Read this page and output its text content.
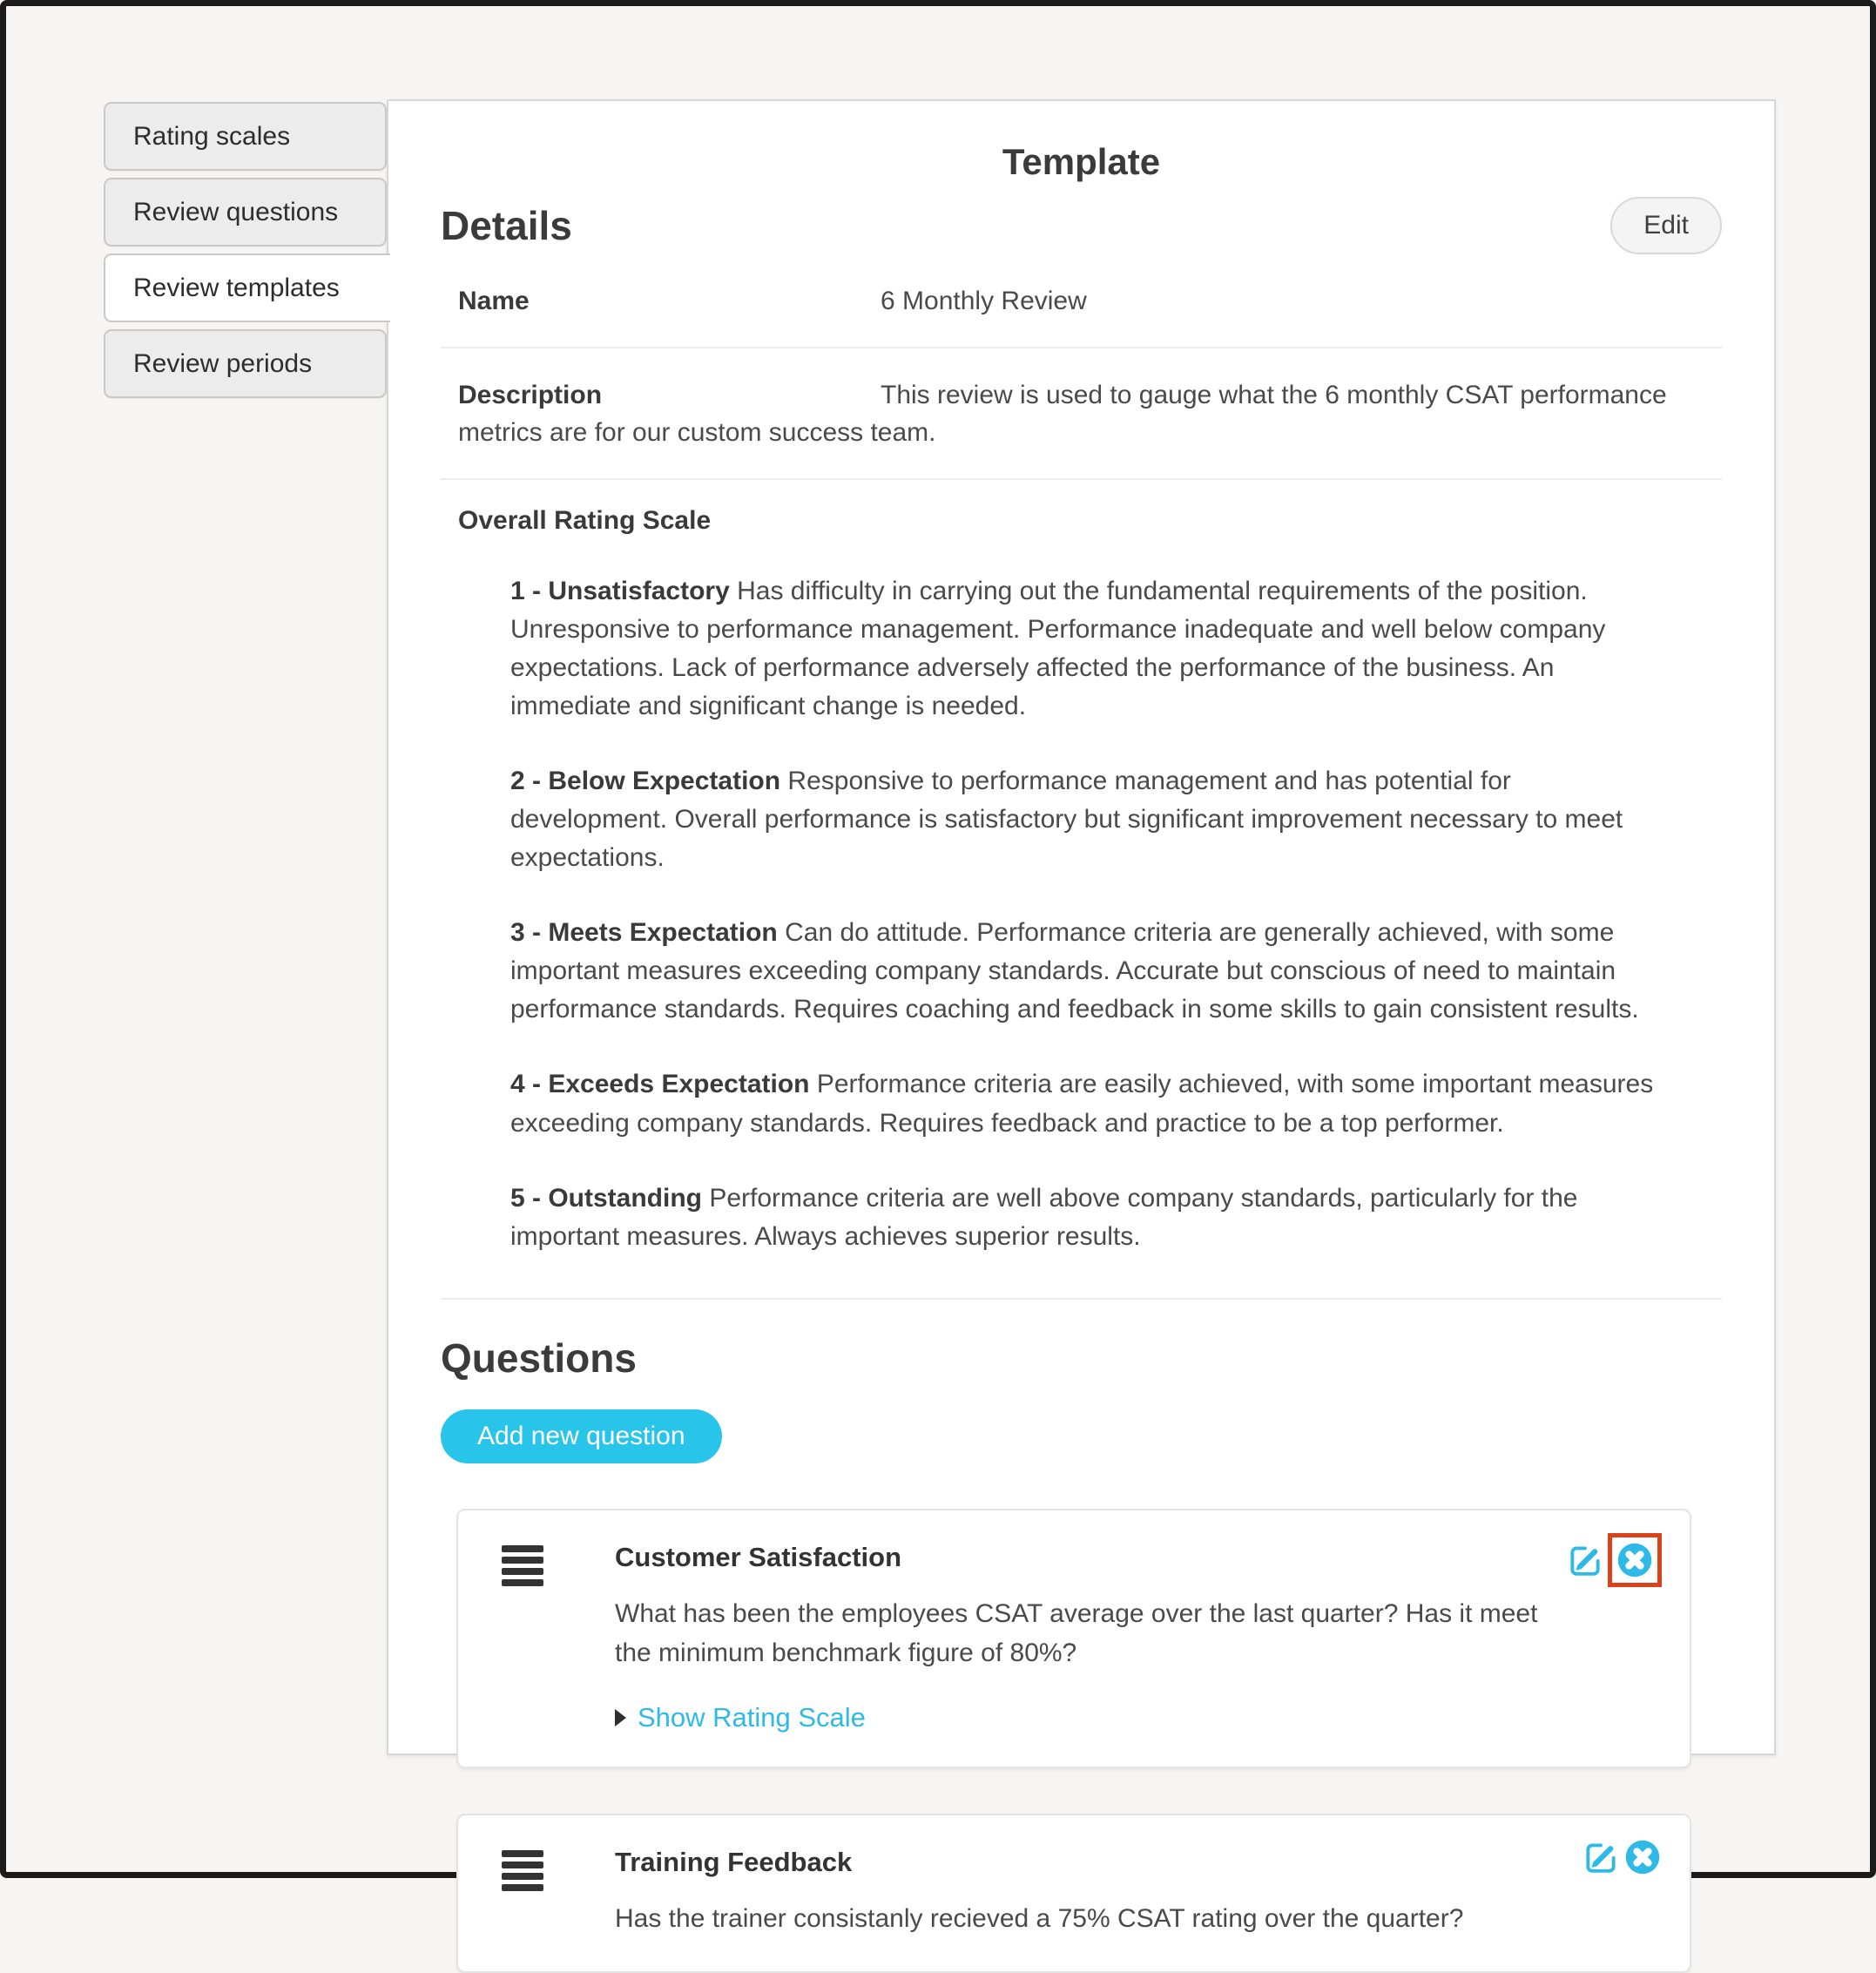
Rating scales
Review questions
Review templates
Review periods
Template
Details	Edit
Name	6 Monthly Review
Description	This review is used to gauge what the 6 monthly CSAT performance metrics are for our custom success team.
Overall Rating Scale

1 - Unsatisfactory Has difficulty in carrying out the fundamental requirements of the position. Unresponsive to performance management. Performance inadequate and well below company expectations. Lack of performance adversely affected the performance of the business. An immediate and significant change is needed.

2 - Below Expectation Responsive to performance management and has potential for development. Overall performance is satisfactory but significant improvement necessary to meet expectations.

3 - Meets Expectation Can do attitude. Performance criteria are generally achieved, with some important measures exceeding company standards. Accurate but conscious of need to maintain performance standards. Requires coaching and feedback in some skills to gain consistent results.

4 - Exceeds Expectation Performance criteria are easily achieved, with some important measures exceeding company standards. Requires feedback and practice to be a top performer.

5 - Outstanding Performance criteria are well above company standards, particularly for the important measures. Always achieves superior results.

Questions
Add new question
Customer Satisfaction
What has been the employees CSAT average over the last quarter? Has it meet the minimum benchmark figure of 80%?
Show Rating Scale
Training Feedback
Has the trainer consistanly recieved a 75% CSAT rating over the quarter?
